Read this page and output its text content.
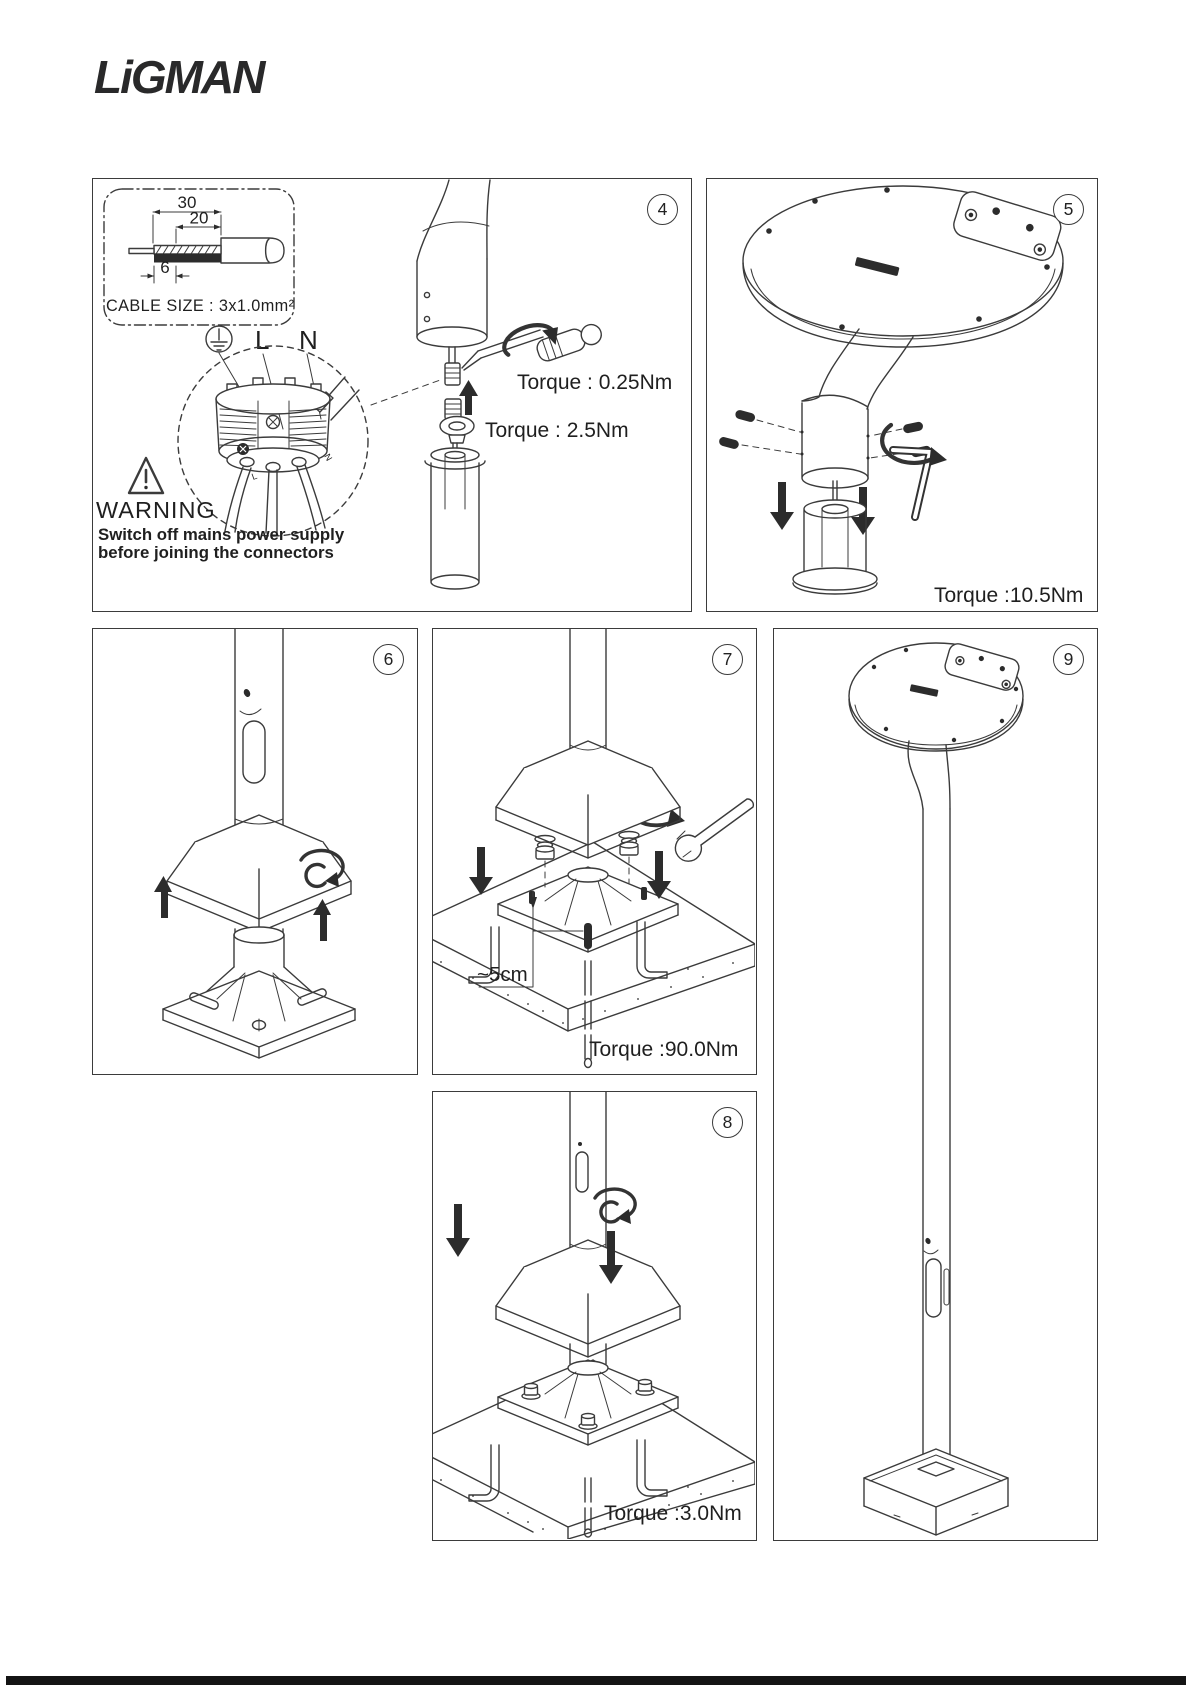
LiGMAN
4
30
20
6
CABLE SIZE : 3x1.0mm²
L N
L
N
WARNING
Switch off mains power supply
before joining the connectors
Torque : 0.25Nm
Torque : 2.5Nm
5
Torque :10.5Nm
6	7
~5cm
Torque :90.0Nm
8
Torque :3.0Nm
9
